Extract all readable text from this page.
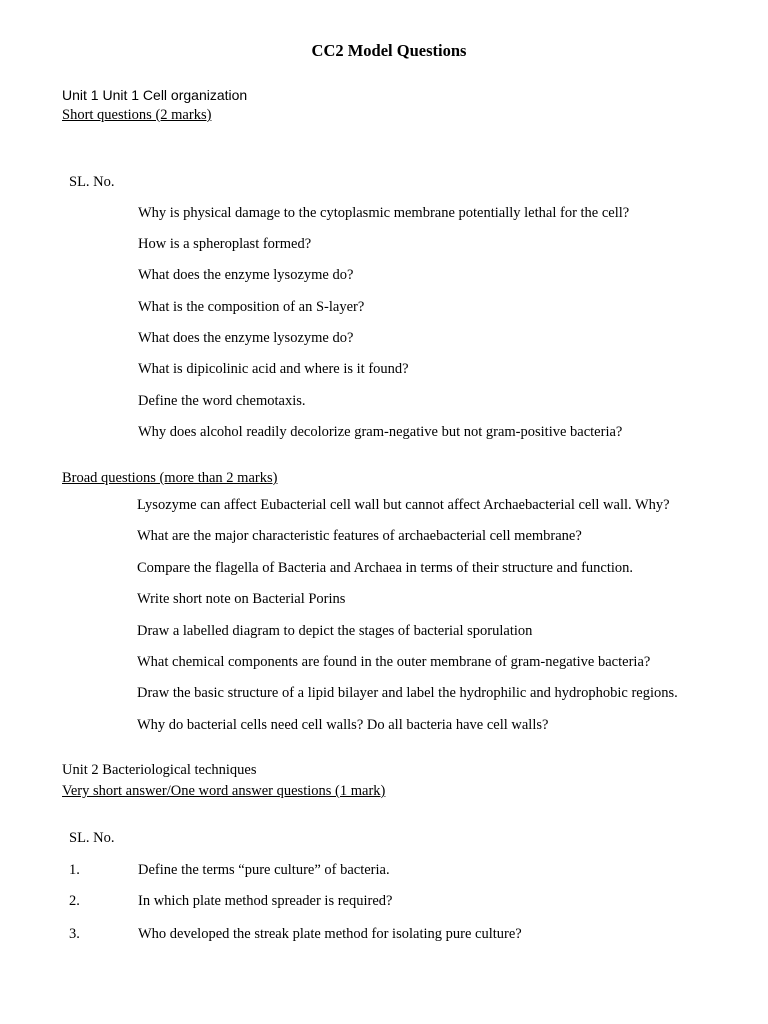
CC2 Model Questions
Unit 1 Unit 1 Cell organization
Short questions (2 marks)
SL. No.
Why is physical damage to the cytoplasmic membrane potentially lethal for the cell?
How is a spheroplast formed?
What does the enzyme lysozyme do?
What is the composition of an S-layer?
What does the enzyme lysozyme do?
What is dipicolinic acid and where is it found?
Define the word chemotaxis.
Why does alcohol readily decolorize gram-negative but not gram-positive bacteria?
Broad questions (more than 2 marks)
Lysozyme can affect Eubacterial cell wall but cannot affect Archaebacterial cell wall. Why?
What are the major characteristic features of archaebacterial cell membrane?
Compare the flagella of Bacteria and Archaea in terms of their structure and function.
Write short note on Bacterial Porins
Draw a labelled diagram to depict the stages of bacterial sporulation
What chemical components are found in the outer membrane of gram-negative bacteria?
Draw the basic structure of a lipid bilayer and label the hydrophilic and hydrophobic regions.
Why do bacterial cells need cell walls? Do all bacteria have cell walls?
Unit 2 Bacteriological techniques
Very short answer/One word answer questions (1 mark)
SL. No.
1.	Define the terms “pure culture” of bacteria.
2.	In which plate method spreader is required?
3.	Who developed the streak plate method for isolating pure culture?
